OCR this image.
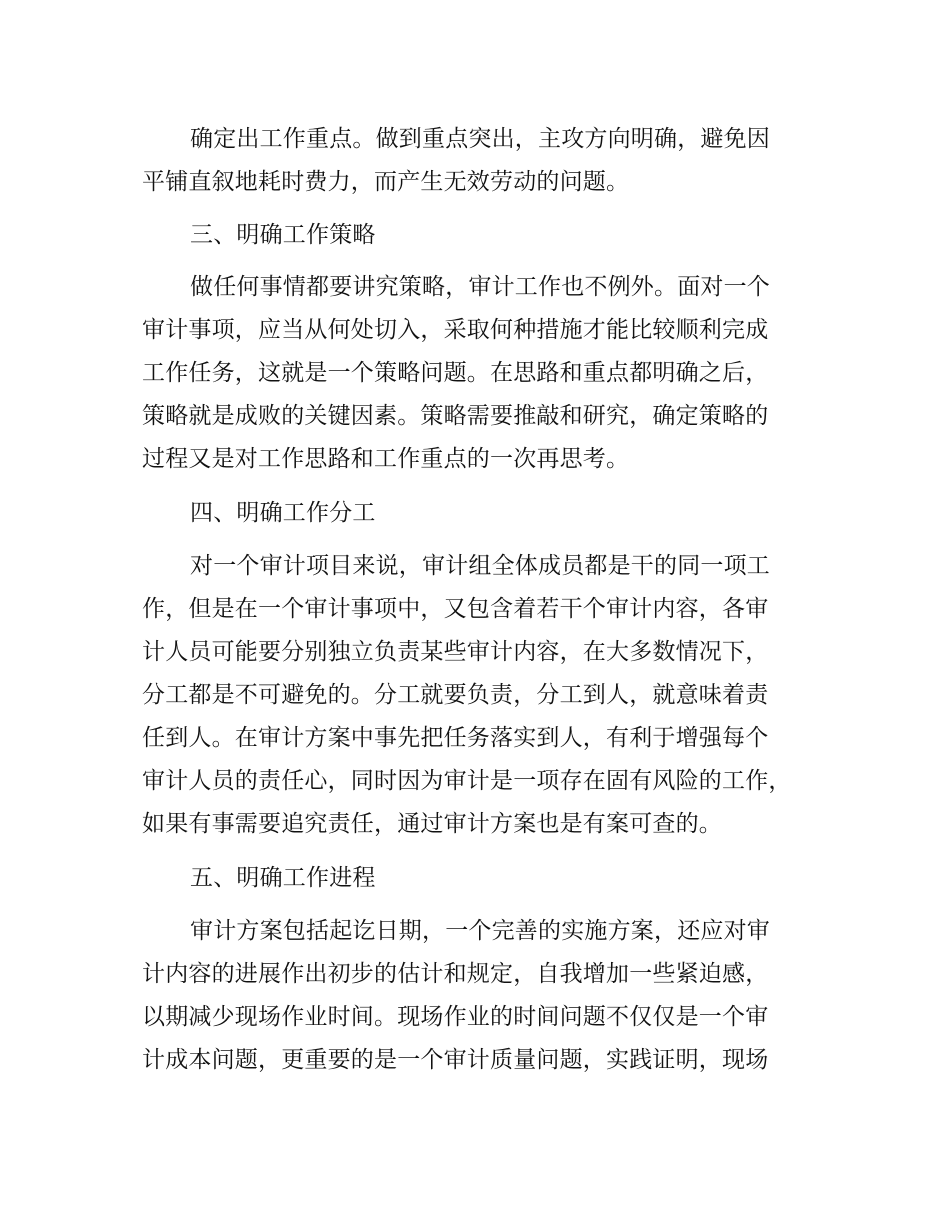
确定出工作重点。做到重点突出，主攻方向明确，避免因
平铺直叙地耗时费力，而产生无效劳动的问题。
三、明确工作策略
做任何事情都要讲究策略，审计工作也不例外。面对一个
审计事项，应当从何处切入，采取何种措施才能比较顺利完成
工作任务，这就是一个策略问题。在思路和重点都明确之后，
策略就是成败的关键因素。策略需要推敲和研究，确定策略的
过程又是对工作思路和工作重点的一次再思考。
四、明确工作分工
对一个审计项目来说，审计组全体成员都是干的同一项工
作，但是在一个审计事项中，又包含着若干个审计内容，各审
计人员可能要分别独立负责某些审计内容，在大多数情况下，
分工都是不可避免的。分工就要负责，分工到人，就意味着责
任到人。在审计方案中事先把任务落实到人，有利于增强每个
审计人员的责任心，同时因为审计是一项存在固有风险的工作，
如果有事需要追究责任，通过审计方案也是有案可查的。
五、明确工作进程
审计方案包括起讫日期，一个完善的实施方案，还应对审
计内容的进展作出初步的估计和规定，自我增加一些紧迫感，
以期减少现场作业时间。现场作业的时间问题不仅仅是一个审
计成本问题，更重要的是一个审计质量问题，实践证明，现场
